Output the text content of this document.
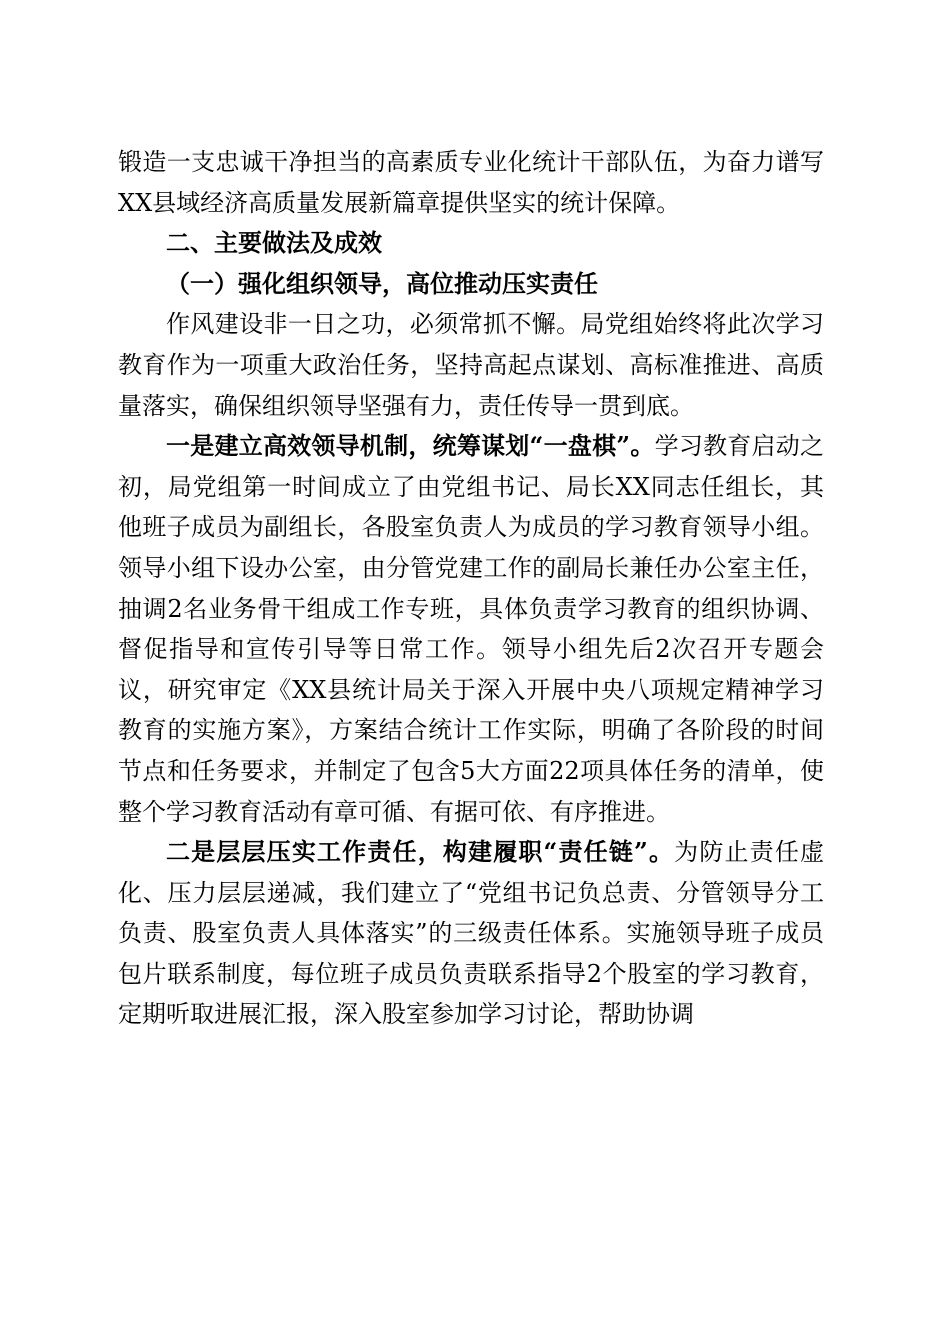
锻造一支忠诚干净担当的高素质专业化统计干部队伍，为奋力谱写XX县域经济高质量发展新篇章提供坚实的统计保障。

二、主要做法及成效

（一）强化组织领导，高位推动压实责任

作风建设非一日之功，必须常抓不懈。局党组始终将此次学习教育作为一项重大政治任务，坚持高起点谋划、高标准推进、高质量落实，确保组织领导坚强有力，责任传导一贯到底。

一是建立高效领导机制，统筹谋划“一盘棋”。学习教育启动之初，局党组第一时间成立了由党组书记、局长XX同志任组长，其他班子成员为副组长，各股室负责人为成员的学习教育领导小组。领导小组下设办公室，由分管党建工作的副局长兼任办公室主任，抽调2名业务骨干组成工作专班，具体负责学习教育的组织协调、督促指导和宣传引导等日常工作。领导小组先后2次召开专题会议，研究审定《XX县统计局关于深入开展中央八项规定精神学习教育的实施方案》，方案结合统计工作实际，明确了各阶段的时间节点和任务要求，并制定了包含5大方面22项具体任务的清单，使整个学习教育活动有章可循、有据可依、有序推进。

二是层层压实工作责任，构建履职“责任链”。为防止责任虚化、压力层层递减，我们建立了“党组书记负总责、分管领导分工负责、股室负责人具体落实”的三级责任体系。实施领导班子成员包片联系制度，每位班子成员负责联系指导2个股室的学习教育，定期听取进展汇报，深入股室参加学习讨论，帮助协调
